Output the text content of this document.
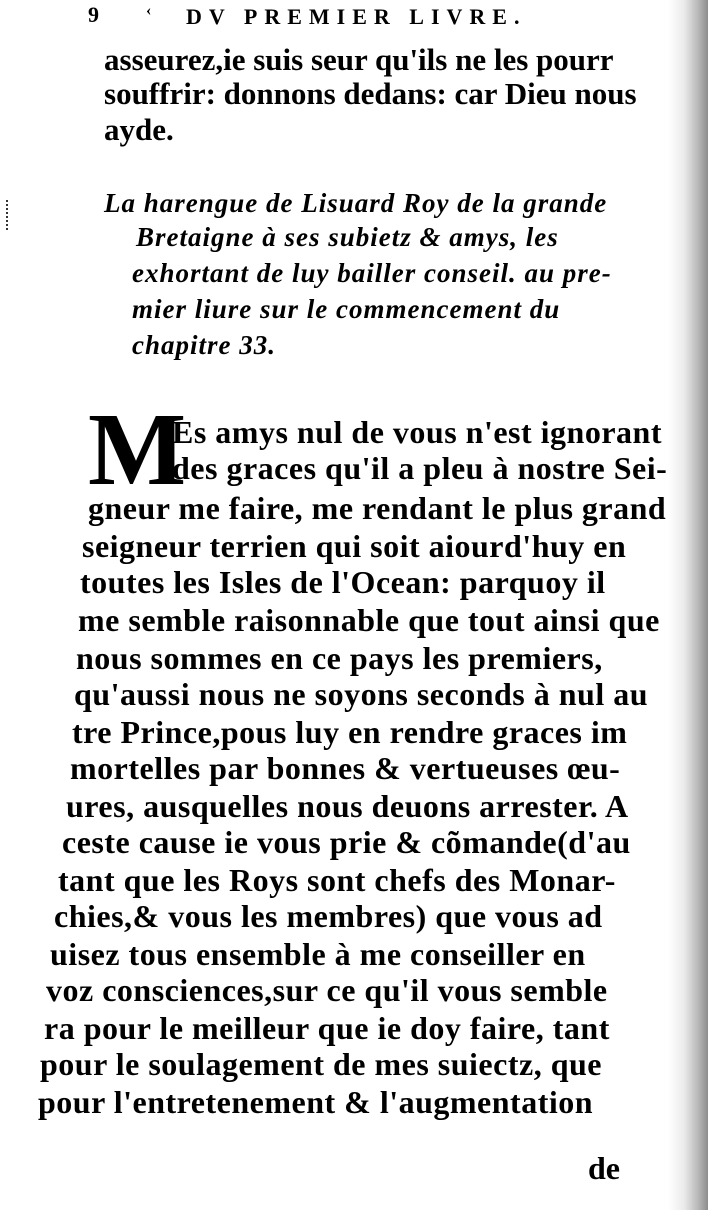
9	‹ DV PREMIER LIVRE.
asseurez,ie suis seur qu'ils ne les pourr
souffrir: donnons dedans: car Dieu nous
ayde.
La harengue de Lisuard Roy de la grande
Bretaigne à ses subietz & amys, les
exhortant de luy bailler conseil. au pre-
mier liure sur le commencement du
chapitre 33.
M
Es amys nul de vous n'est ignorant
des graces qu'il a pleu à nostre Sei-
gneur me faire, me rendant le plus grand
seigneur terrien qui soit aiourd'huy en
toutes les Isles de l'Ocean: parquoy il
me semble raisonnable que tout ainsi que
nous sommes en ce pays les premiers,
qu'aussi nous ne soyons seconds à nul au
tre Prince,pous luy en rendre graces im
mortelles par bonnes & vertueuses œu-
ures, ausquelles nous deuons arrester. A
ceste cause ie vous prie & cõmande(d'au
tant que les Roys sont chefs des Monar-
chies,& vous les membres) que vous ad
uisez tous ensemble à me conseiller en
voz consciences,sur ce qu'il vous semble
ra pour le meilleur que ie doy faire, tant
pour le soulagement de mes suiectz, que
pour l'entretenement & l'augmentation
de
